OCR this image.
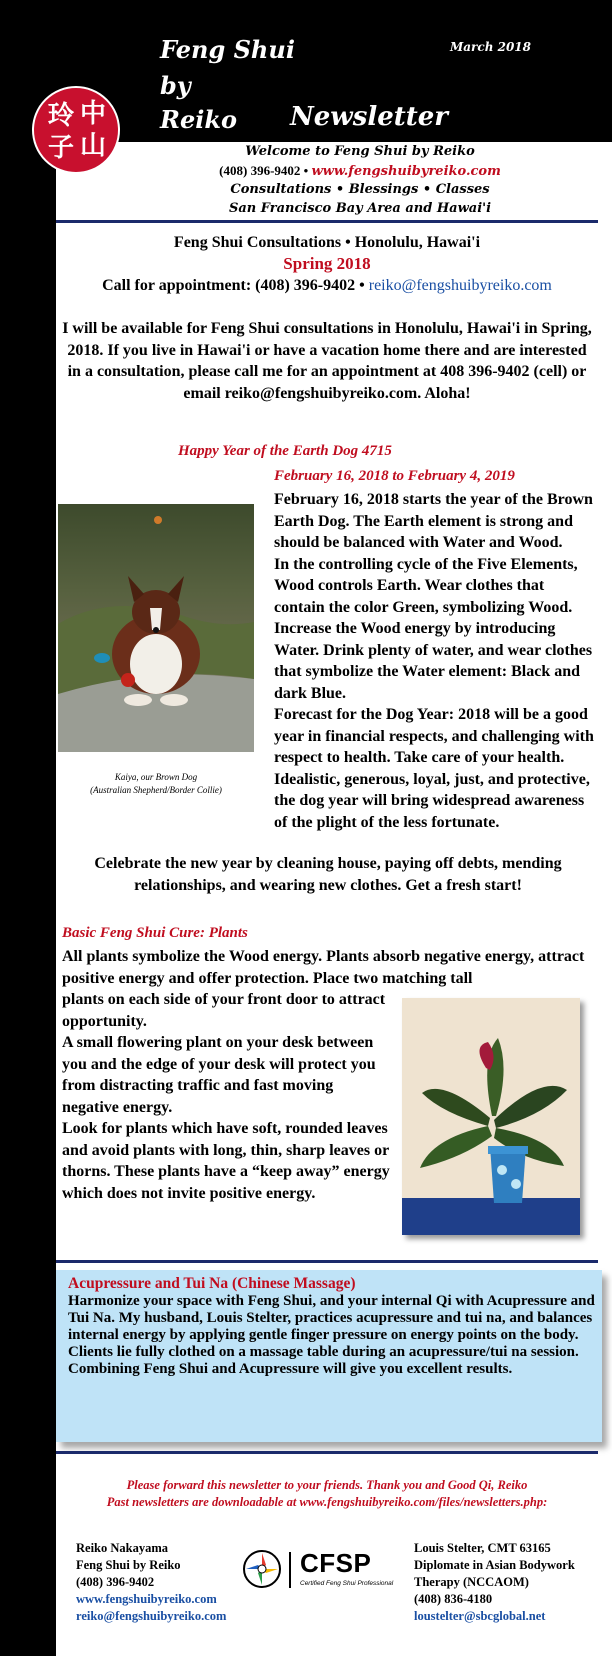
Feng Shui
by
Reiko
March 2018
Newsletter
玲 中
子 山	Welcome to Feng Shui by Reiko
(408) 396-9402 • www.fengshuibyreiko.com
Consultations • Blessings • Classes
San Francisco Bay Area and Hawai'i
Feng Shui Consultations • Honolulu, Hawai'i
Spring 2018
Call for appointment: (408) 396-9402 • reiko@fengshuibyreiko.com
I will be available for Feng Shui consultations in Honolulu, Hawai'i in Spring, 2018. If you live in Hawai'i or have a vacation home there and are interested in a consultation, please call me for an appointment at 408 396-9402 (cell) or email reiko@fengshuibyreiko.com. Aloha!
Happy Year of the Earth Dog 4715
February 16, 2018 to February 4, 2019
Kaiya, our Brown Dog
(Australian Shepherd/Border Collie)

February 16, 2018 starts the year of the Brown Earth Dog. The Earth element is strong and should be balanced with Water and Wood.

In the controlling cycle of the Five Elements, Wood controls Earth. Wear clothes that contain the color Green, symbolizing Wood. Increase the Wood energy by introducing Water. Drink plenty of water, and wear clothes that symbolize the Water element: Black and dark Blue.

Forecast for the Dog Year: 2018 will be a good year in financial respects, and challenging with respect to health. Take care of your health. Idealistic, generous, loyal, just, and protective, the dog year will bring widespread awareness of the plight of the less fortunate.

Celebrate the new year by cleaning house, paying off debts, mending relationships, and wearing new clothes. Get a fresh start!
Basic Feng Shui Cure: Plants
All plants symbolize the Wood energy. Plants absorb negative energy, attract positive energy and offer protection. Place two matching tall

plants on each side of your front door to attract opportunity.

A small flowering plant on your desk between you and the edge of your desk will protect you from distracting traffic and fast moving negative energy.

Look for plants which have soft, rounded leaves and avoid plants with long, thin, sharp leaves or thorns. These plants have a “keep away” energy which does not invite positive energy.

Acupressure and Tui Na (Chinese Massage)
Harmonize your space with Feng Shui, and your internal Qi with Acupressure and Tui Na. My husband, Louis Stelter, practices acupressure and tui na, and balances internal energy by applying gentle finger pressure on energy points on the body. Clients lie fully clothed on a massage table during an acupressure/tui na session. Combining Feng Shui and Acupressure will give you excellent results.
Please forward this newsletter to your friends. Thank you and Good Qi, Reiko
Past newsletters are downloadable at www.fengshuibyreiko.com/files/newsletters.php:
Reiko Nakayama
Feng Shui by Reiko
(408) 396-9402
www.fengshuibyreiko.com
reiko@fengshuibyreiko.com
CFSP
Certified Feng Shui Professional
Louis Stelter, CMT 63165
Diplomate in Asian Bodywork
Therapy (NCCAOM)
(408) 836-4180
loustelter@sbcglobal.net
